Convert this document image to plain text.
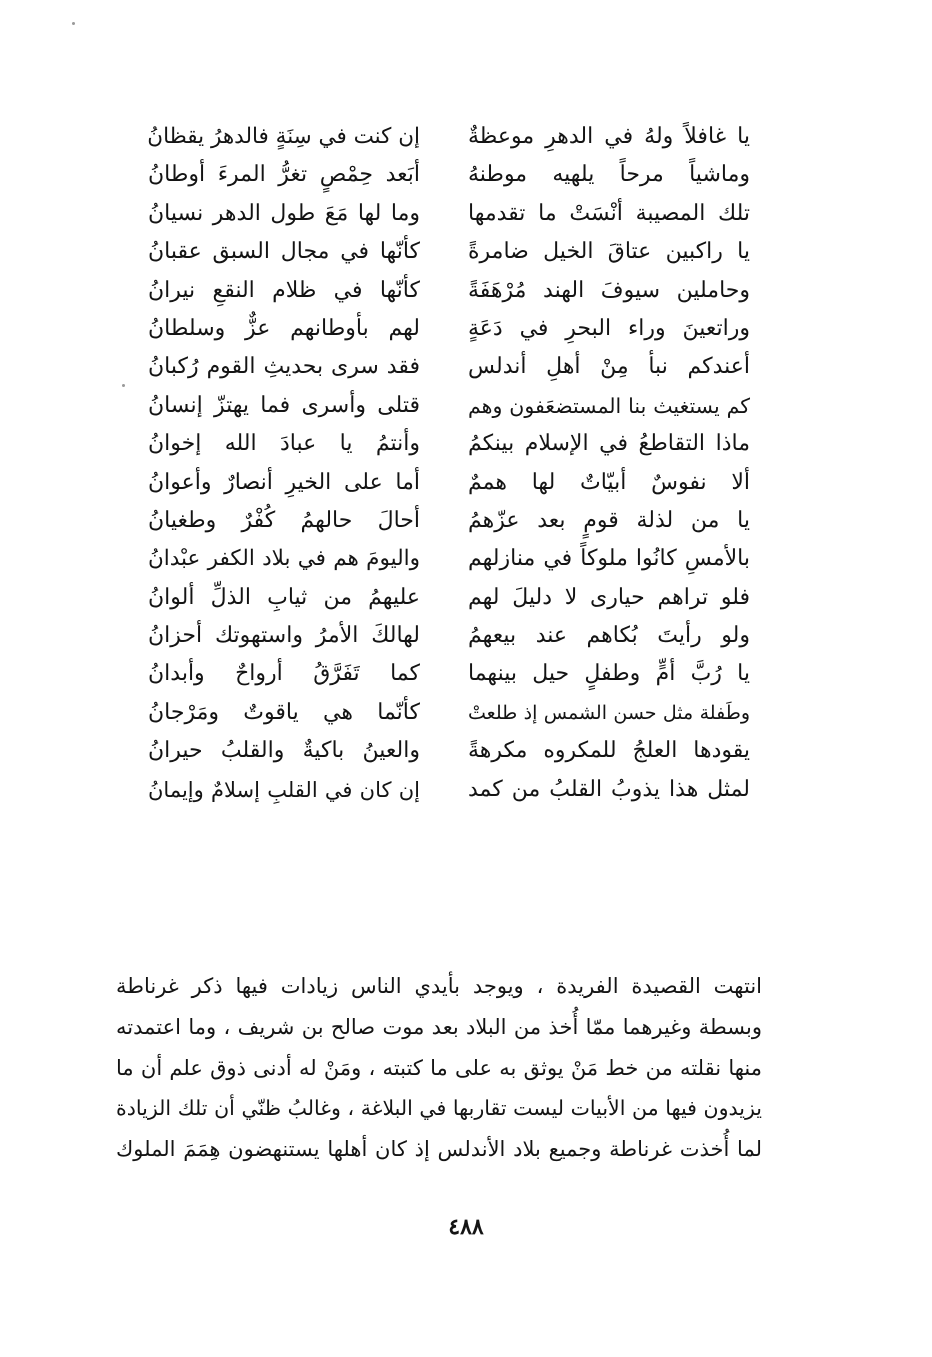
يا غافلاً ولهُ في الدهرِ موعظةٌ
إن كنت في سِنَةٍ فالدهرُ يقظانُ
وماشياً مرحاً يلهيه موطنهُ
أبَعد حِمْصٍ تغرُّ المرءَ أوطانُ
تلك المصيبة أنْسَتْ ما تقدمها
وما لها مَعَ طول الدهر نسيانُ
يا راكبين عتاقَ الخيل ضامرةً
كأنّها في مجال السبق عقبانُ
وحاملين سيوفَ الهند مُرْهَفَةً
كأنّها في ظلام النقعِ نيرانُ
وراتعينَ وراء البحرِ في دَعَةٍ
لهم بأوطانهم عزٌّ وسلطانُ
أعندكم نبأ مِنْ أهلِ أندلس
فقد سرى بحديثِ القوم رُكبانُ
كم يستغيث بنا المستضعَفون وهم
قتلى وأسرى فما يهتزّ إنسانُ
ماذا التقاطعُ في الإسلام بينكمُ
وأنتمُ يا عبادَ الله إخوانُ
ألا نفوسٌ أبيّاتٌ لها هممٌ
أما على الخيرِ أنصارٌ وأعوانُ
يا من لذلة قومٍ بعد عزّهمُ
أحالَ حالهمُ كُفْرٌ وطغيانُ
بالأمسِ كانُوا ملوكاً في منازلهم
واليومَ هم في بلاد الكفر عبْدانُ
فلو تراهم حيارى لا دليلَ لهم
عليهمُ من ثيابِ الذلِّ ألوانُ
ولو رأيتَ بُكاهم عند بيعهمُ
لهالكَ الأمرُ واستهوتك أحزانُ
يا رُبَّ أمٍّ وطفلٍ حيل بينهما
كما تَفَرَّقُ أرواحٌ وأبدانُ
وطَفلة مثل حسن الشمس إذ طلعتْ
كأنّما هي ياقوتٌ ومَرْجانُ
يقودها العلجُ للمكروه مكرهةً
والعينُ باكيةٌ والقلبُ حيرانُ
لمثل هذا يذوبُ القلبُ من كمد
إن كان في القلبِ إسلامٌ وإيمانُ
انتهت القصيدة الفريدة ، ويوجد بأيدي الناس زيادات فيها ذكر غرناطة
وبسطة وغيرهما ممّا أُخذ من البلاد بعد موت صالح بن شريف ، وما اعتمدته
منها نقلته من خط مَنْ يوثق به على ما كتبته ، ومَنْ له أدنى ذوق علم أن ما
يزيدون فيها من الأبيات ليست تقاربها في البلاغة ، وغالبُ ظنّي أن تلك الزيادة
لما أُخذت غرناطة وجميع بلاد الأندلس إذ كان أهلها يستنهضون هِمَمَ الملوك
٤٨٨
